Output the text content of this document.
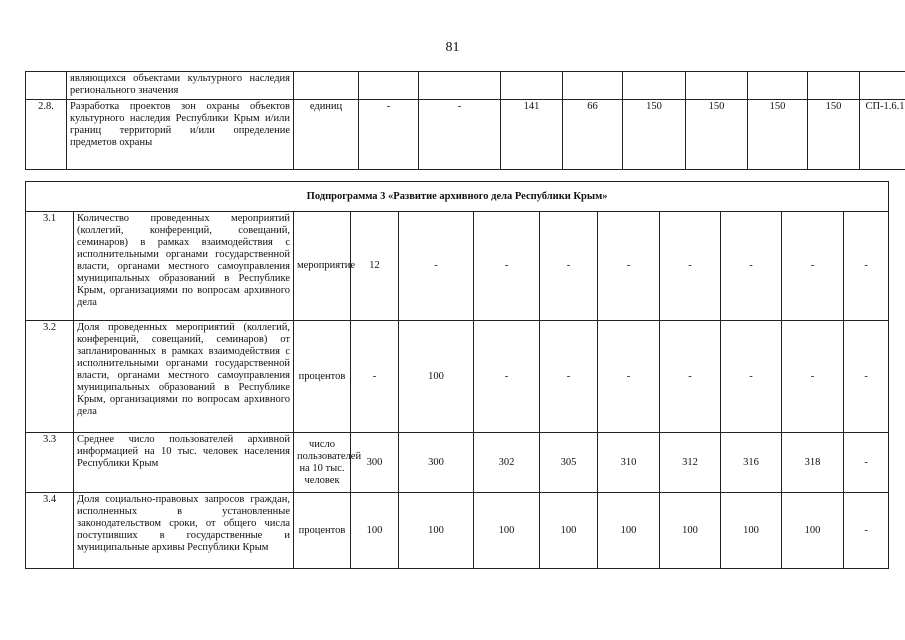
81
	являющихся объектами культурного наследия регионального значения										
2.8.	Разработка проектов зон охраны объектов культурного наследия Республики Крым и/или границ территорий и/или определение предметов охраны	единиц	-	-	141	66	150	150	150	150	СП-1.6.1
Подпрограмма 3 «Развитие архивного дела Республики Крым»											
3.1	Количество проведенных мероприятий (коллегий, конференций, совещаний, семинаров) в рамках взаимодействия с исполнительными органами государственной власти, органами местного самоуправления муниципальных образований в Республике Крым, организациями по вопросам архивного дела	мероприятие	12	-	-	-	-	-	-	-	-
3.2	Доля проведенных мероприятий (коллегий, конференций, совещаний, семинаров) от запланированных в рамках взаимодействия с исполнительными органами государственной власти, органами местного самоуправления муниципальных образований в Республике Крым, организациями по вопросам архивного дела	процентов	-	100	-	-	-	-	-	-	-
3.3	Среднее число пользователей архивной информацией на 10 тыс. человек населения Республики Крым	число пользователей на 10 тыс. человек	300	300	302	305	310	312	316	318	-
3.4	Доля социально-правовых запросов граждан, исполненных в установленные законодательством сроки, от общего числа поступивших в государственные и муниципальные архивы Республики Крым	процентов	100	100	100	100	100	100	100	100	-
